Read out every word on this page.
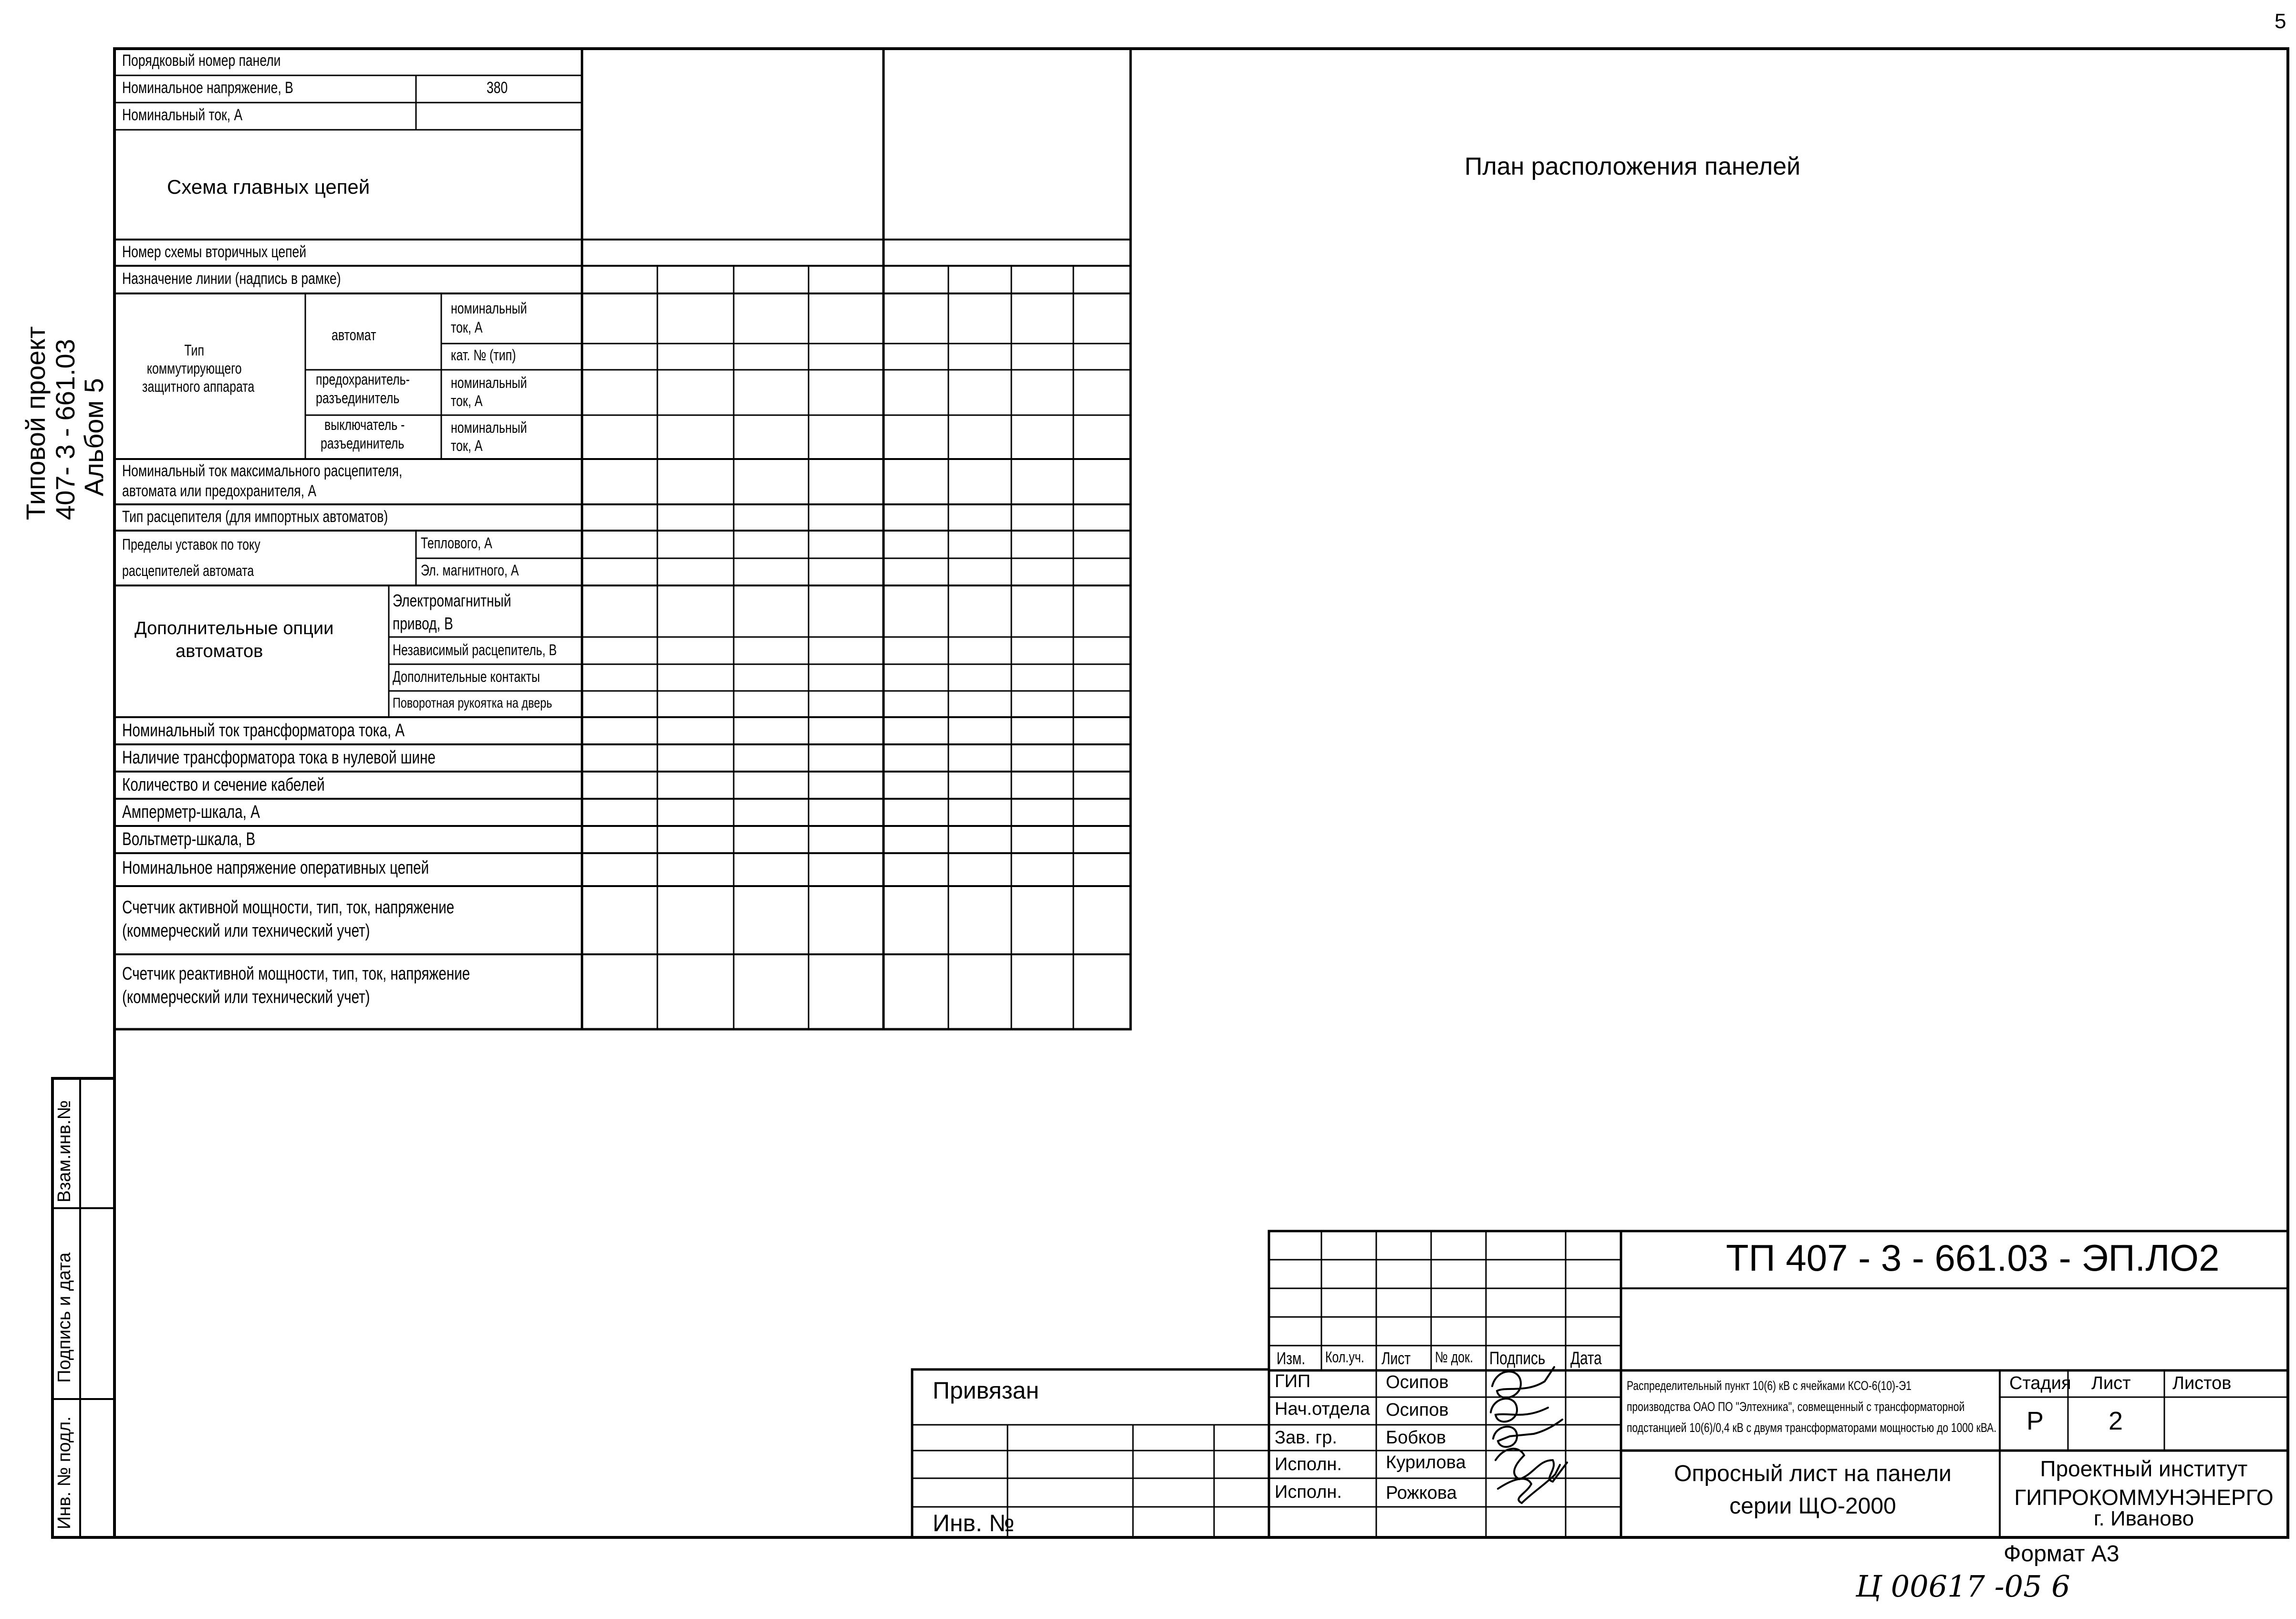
5
Типовой проект 407- 3 - 661.03
Альбом 5
Взам.инв.№
Подпись и дата
Инв. № подл.
План расположения панелей
Порядковый номер панели
Номинальное напряжение, В	380
Номинальный ток, А
Схема главных цепей
Номер схемы вторичных цепей
Назначение линии (надпись в рамке)
Тип
коммутирующего
защитного аппарата
автомат
номинальный
ток, А
кат. № (тип)
предохранитель-
разъединитель
номинальный
ток, А
выключатель -
разъединитель
номинальный
ток, А
Номинальный ток максимального расцепителя,
автомата или предохранителя, А
Тип расцепителя (для импортных автоматов)
Пределы уставок по току
расцепителей автомата
Теплового, А
Эл. магнитного, А
Дополнительные опции
автоматов
Электромагнитный
привод, В
Независимый расцепитель, В
Дополнительные контакты
Поворотная рукоятка на дверь
Номинальный ток трансформатора тока, А
Наличие трансформатора тока в нулевой шине
Количество и сечение кабелей
Амперметр-шкала, А
Вольтметр-шкала, В
Номинальное напряжение оперативных цепей
Счетчик активной мощности, тип, ток, напряжение
(коммерческий или технический учет)
Счетчик реактивной мощности, тип, ток, напряжение
(коммерческий или технический учет)
Привязан
Инв. №
ТП 407 - 3 - 661.03 - ЭП.ЛО2
Изм. Кол.уч. Лист № док. Подпись Дата
ГИП	Осипов
Нач.отдела Осипов
Зав. гр.	Бобков
Исполн. Курилова
Исполн. Рожкова
Распределительный пункт 10(6) кВ с ячейками КСО-6(10)-Э1
производства ОАО ПО "Элтехника", совмещенный с трансформаторной
подстанцией 10(6)/0,4 кВ с двумя трансформаторами мощностью до 1000 кВА.
Стадия Лист Листов
Р	2
Опросный лист на панели
серии ЩО-2000
Проектный институт
ГИПРОКОММУНЭНЕРГО
г. Иваново
Формат А3
Ц 00617 -05 6
